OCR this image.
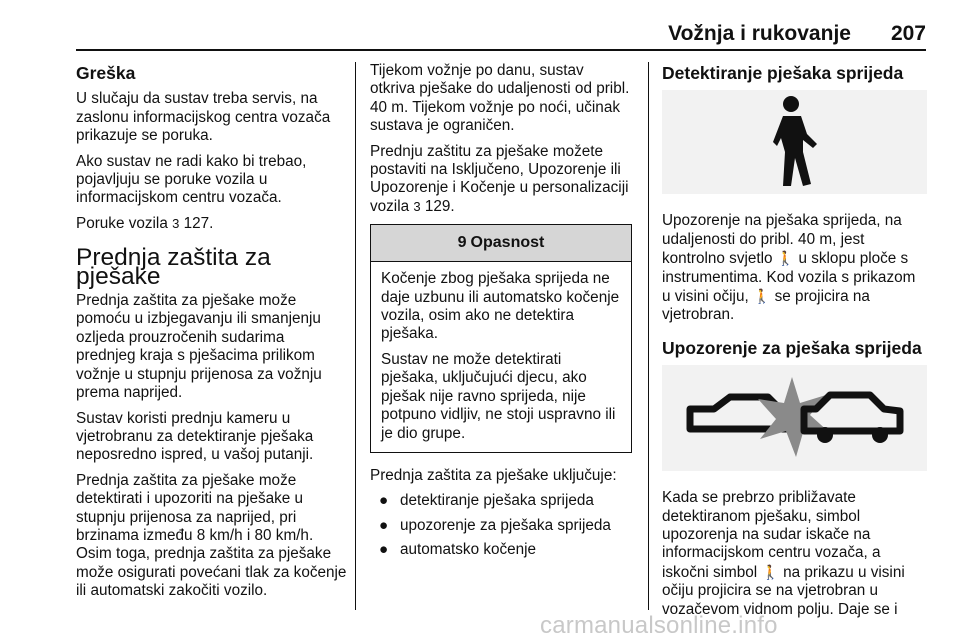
Vožnja i rukovanje 207
Greška

U slučaju da sustav treba servis, na zaslonu informacijskog centra vozača prikazuje se poruka.

Ako sustav ne radi kako bi trebao, pojavljuju se poruke vozila u informacijskom centru vozača.

Poruke vozila 3 127.

Prednja zaštita za pješake

Prednja zaštita za pješake može pomoću u izbjegavanju ili smanjenju ozljeda prouzročenih sudarima prednjeg kraja s pješacima prilikom vožnje u stupnju prijenosa za vožnju prema naprijed.

Sustav koristi prednju kameru u vjetrobranu za detektiranje pješaka neposredno ispred, u vašoj putanji.

Prednja zaštita za pješake može detektirati i upozoriti na pješake u stupnju prijenosa za naprijed, pri brzinama između 8 km/h i 80 km/h. Osim toga, prednja zaštita za pješake može osigurati povećani tlak za kočenje ili automatski zakočiti vozilo.

Tijekom vožnje po danu, sustav otkriva pješake do udaljenosti od pribl. 40 m. Tijekom vožnje po noći, učinak sustava je ograničen.

Prednju zaštitu za pješake možete postaviti na Isključeno, Upozorenje ili Upozorenje i Kočenje u personalizaciji vozila 3 129.

9 Opasnost

Kočenje zbog pješaka sprijeda ne daje uzbunu ili automatsko kočenje vozila, osim ako ne detektira pješaka.

Sustav ne može detektirati pješaka, uključujući djecu, ako pješak nije ravno sprijeda, nije potpuno vidljiv, ne stoji uspravno ili je dio grupe.

Prednja zaštita za pješake uključuje:

● detektiranje pješaka sprijeda
● upozorenje za pješaka sprijeda
● automatsko kočenje
Detektiranje pješaka sprijeda

Upozorenje na pješaka sprijeda, na udaljenosti do pribl. 40 m, jest kontrolno svjetlo 🚶 u sklopu ploče s instrumentima. Kod vozila s prikazom u visini očiju, 🚶 se projicira na vjetrobran.

Upozorenje za pješaka sprijeda

Kada se prebrzo približavate detektiranom pješaku, simbol upozorenja na sudar iskače na informacijskom centru vozača, a iskočni simbol 🚶 na prikazu u visini očiju projicira se na vjetrobran u vozačevom vidnom polju. Daje se i

carmanualsonline.info
